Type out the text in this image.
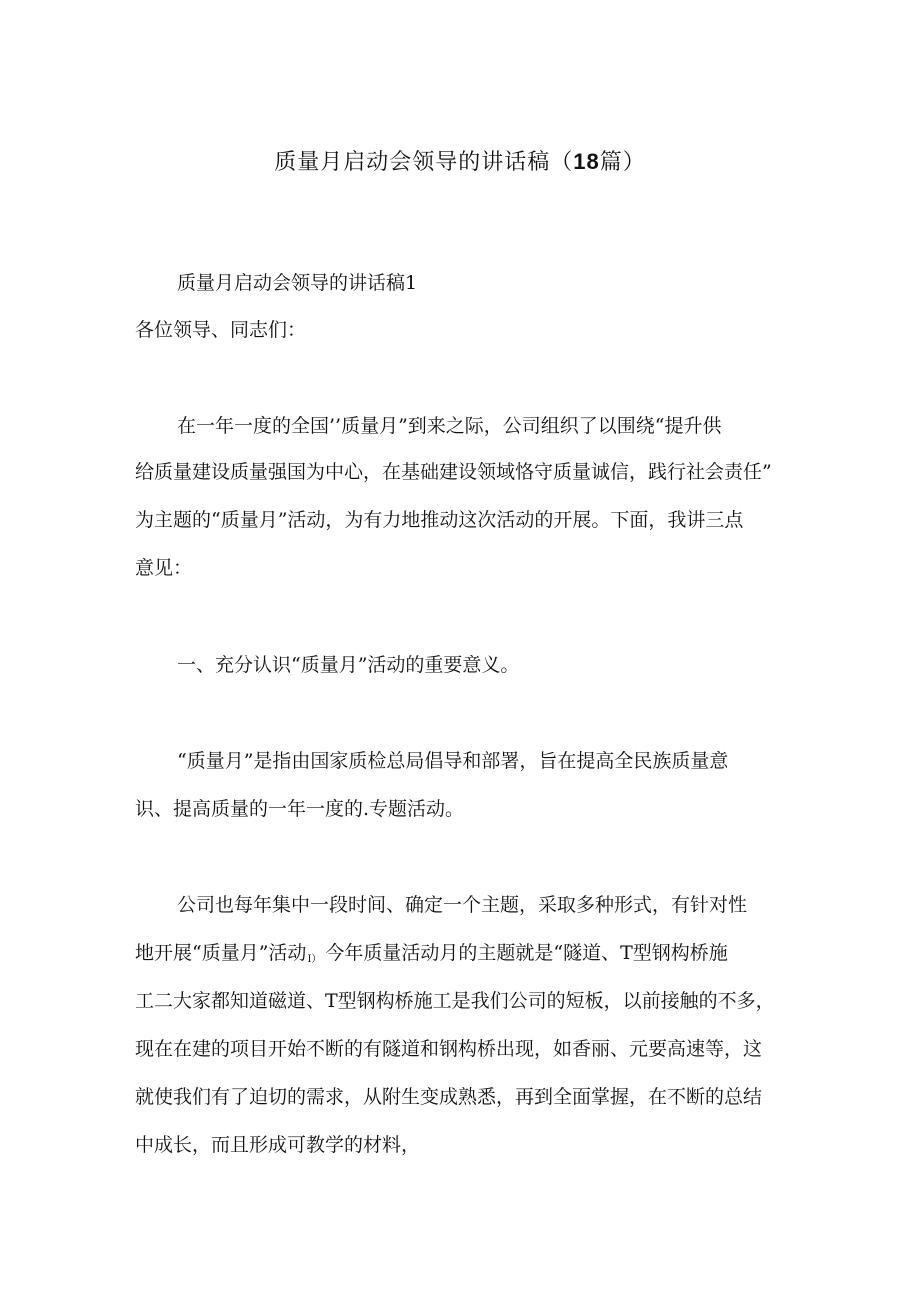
质量月启动会领导的讲话稿（18篇）
质量月启动会领导的讲话稿1
各位领导、同志们：
在一年一度的全国’’质量月”到来之际，公司组织了以围绕“提升供
给质量建设质量强国为中心，在基础建设领域恪守质量诚信，践行社会责任”
为主题的“质量月”活动，为有力地推动这次活动的开展。下面，我讲三点
意见：
一、充分认识“质量月”活动的重要意义。
“质量月”是指由国家质检总局倡导和部署，旨在提高全民族质量意
识、提高质量的一年一度的.专题活动。
公司也每年集中一段时间、确定一个主题，采取多种形式，有针对性
地开展“质量月”活动$_{I)}$ 今年质量活动月的主题就是“隧道、T型钢构桥施
工二大家都知道磁道、T型钢构桥施工是我们公司的短板，以前接触的不多，
现在在建的项目开始不断的有隧道和钢构桥出现，如香丽、元要高速等，这
就使我们有了迫切的需求，从附生变成熟悉，再到全面掌握，在不断的总结
中成长，而且形成可教学的材料，
